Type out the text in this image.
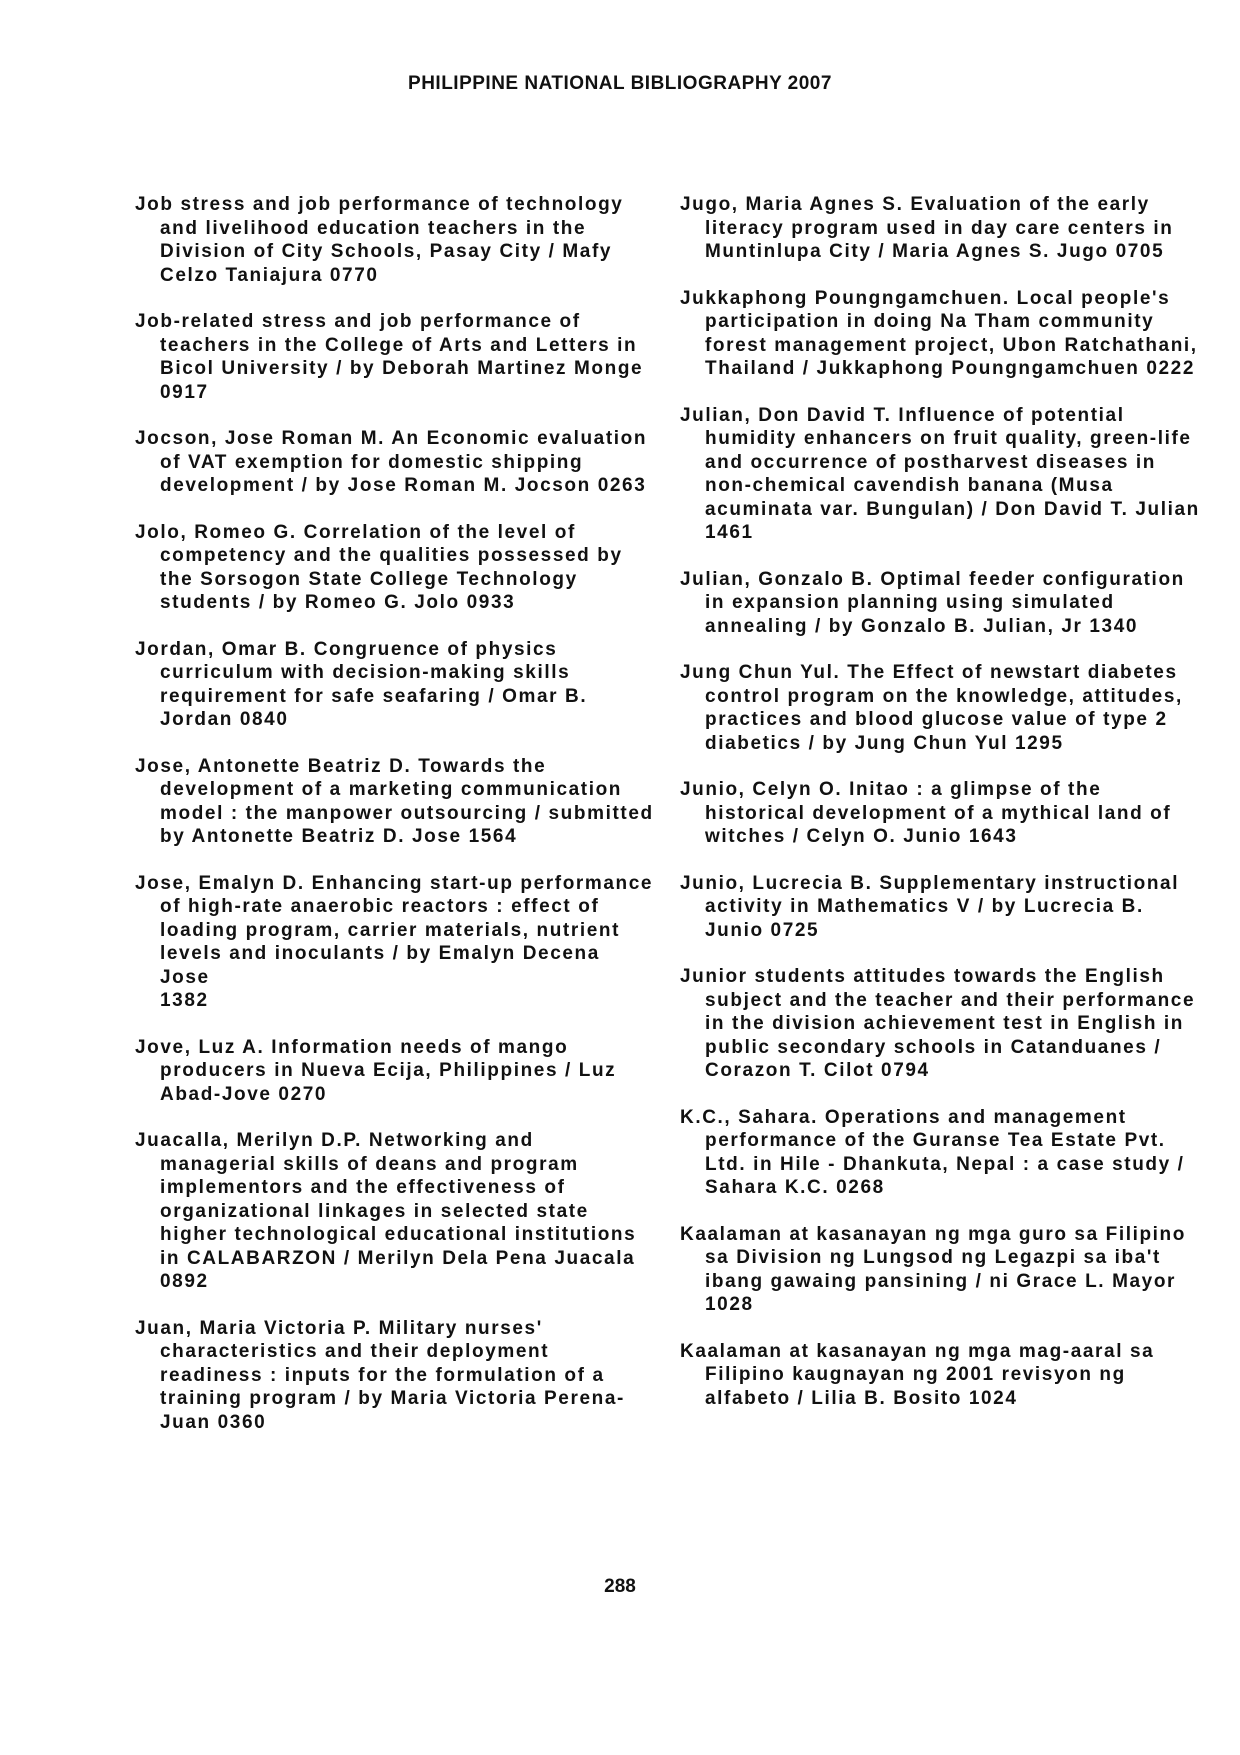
PHILIPPINE NATIONAL BIBLIOGRAPHY 2007
Job stress and job performance of technology and livelihood education teachers in the Division of City Schools, Pasay City / Mafy Celzo Taniajura 0770
Job-related stress and job performance of teachers in the College of Arts and Letters in Bicol University / by Deborah Martinez Monge 0917
Jocson, Jose Roman M. An Economic evaluation of VAT exemption for domestic shipping development / by Jose Roman M. Jocson 0263
Jolo, Romeo G. Correlation of the level of competency and the qualities possessed by the Sorsogon State College Technology students / by Romeo G. Jolo 0933
Jordan, Omar B. Congruence of physics curriculum with decision-making skills requirement for safe seafaring / Omar B. Jordan 0840
Jose, Antonette Beatriz D. Towards the development of a marketing communication model : the manpower outsourcing / submitted by Antonette Beatriz D. Jose 1564
Jose, Emalyn D. Enhancing start-up performance of high-rate anaerobic reactors : effect of loading program, carrier materials, nutrient levels and inoculants / by Emalyn Decena Jose
1382
Jove, Luz A. Information needs of mango producers in Nueva Ecija, Philippines / Luz Abad-Jove 0270
Juacalla, Merilyn D.P. Networking and managerial skills of deans and program implementors and the effectiveness of organizational linkages in selected state higher technological educational institutions in CALABARZON / Merilyn Dela Pena Juacala 0892
Juan, Maria Victoria P. Military nurses' characteristics and their deployment readiness : inputs for the formulation of a training program / by Maria Victoria Perena-Juan 0360
Jugo, Maria Agnes S. Evaluation of the early literacy program used in day care centers in Muntinlupa City / Maria Agnes S. Jugo 0705
Jukkaphong Poungngamchuen. Local people's participation in doing Na Tham community forest management project, Ubon Ratchathani, Thailand / Jukkaphong Poungngamchuen 0222
Julian, Don David T. Influence of potential humidity enhancers on fruit quality, green-life and occurrence of postharvest diseases in non-chemical cavendish banana (Musa acuminata var. Bungulan) / Don David T. Julian 1461
Julian, Gonzalo B. Optimal feeder configuration in expansion planning using simulated annealing / by Gonzalo B. Julian, Jr 1340
Jung Chun Yul. The Effect of newstart diabetes control program on the knowledge, attitudes, practices and blood glucose value of type 2 diabetics / by Jung Chun Yul 1295
Junio, Celyn O. Initao : a glimpse of the historical development of a mythical land of witches / Celyn O. Junio 1643
Junio, Lucrecia B. Supplementary instructional activity in Mathematics V / by Lucrecia B. Junio 0725
Junior students attitudes towards the English subject and the teacher and their performance in the division achievement test in English in public secondary schools in Catanduanes / Corazon T. Cilot 0794
K.C., Sahara. Operations and management performance of the Guranse Tea Estate Pvt. Ltd. in Hile - Dhankuta, Nepal : a case study / Sahara K.C. 0268
Kaalaman at kasanayan ng mga guro sa Filipino sa Division ng Lungsod ng Legazpi sa iba't ibang gawaing pansining / ni Grace L. Mayor 1028
Kaalaman at kasanayan ng mga mag-aaral sa Filipino kaugnayan ng 2001 revisyon ng alfabeto / Lilia B. Bosito 1024
288
